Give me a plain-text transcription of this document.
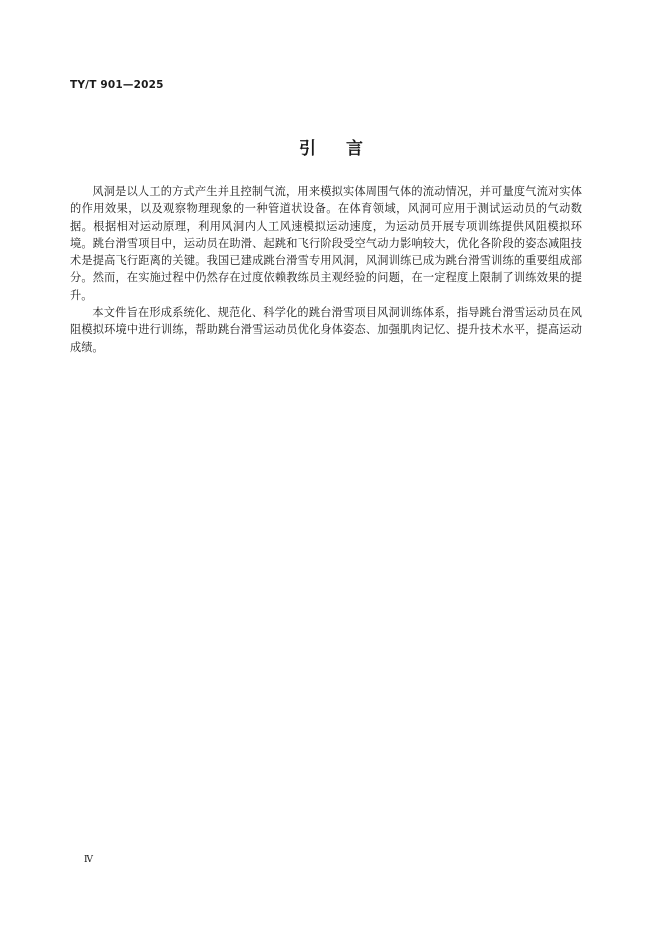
TY/T 901—2025
引言

风洞是以人工的方式产生并且控制气流，用来模拟实体周围气体的流动情况，并可量度气流对实体的作用效果，以及观察物理现象的一种管道状设备。在体育领域，风洞可应用于测试运动员的气动数据。根据相对运动原理，利用风洞内人工风速模拟运动速度，为运动员开展专项训练提供风阻模拟环境。跳台滑雪项目中，运动员在助滑、起跳和飞行阶段受空气动力影响较大，优化各阶段的姿态减阻技术是提高飞行距离的关键。我国已建成跳台滑雪专用风洞，风洞训练已成为跳台滑雪训练的重要组成部分。然而，在实施过程中仍然存在过度依赖教练员主观经验的问题，在一定程度上限制了训练效果的提升。

本文件旨在形成系统化、规范化、科学化的跳台滑雪项目风洞训练体系，指导跳台滑雪运动员在风阻模拟环境中进行训练，帮助跳台滑雪运动员优化身体姿态、加强肌肉记忆、提升技术水平，提高运动成绩。

Ⅳ
